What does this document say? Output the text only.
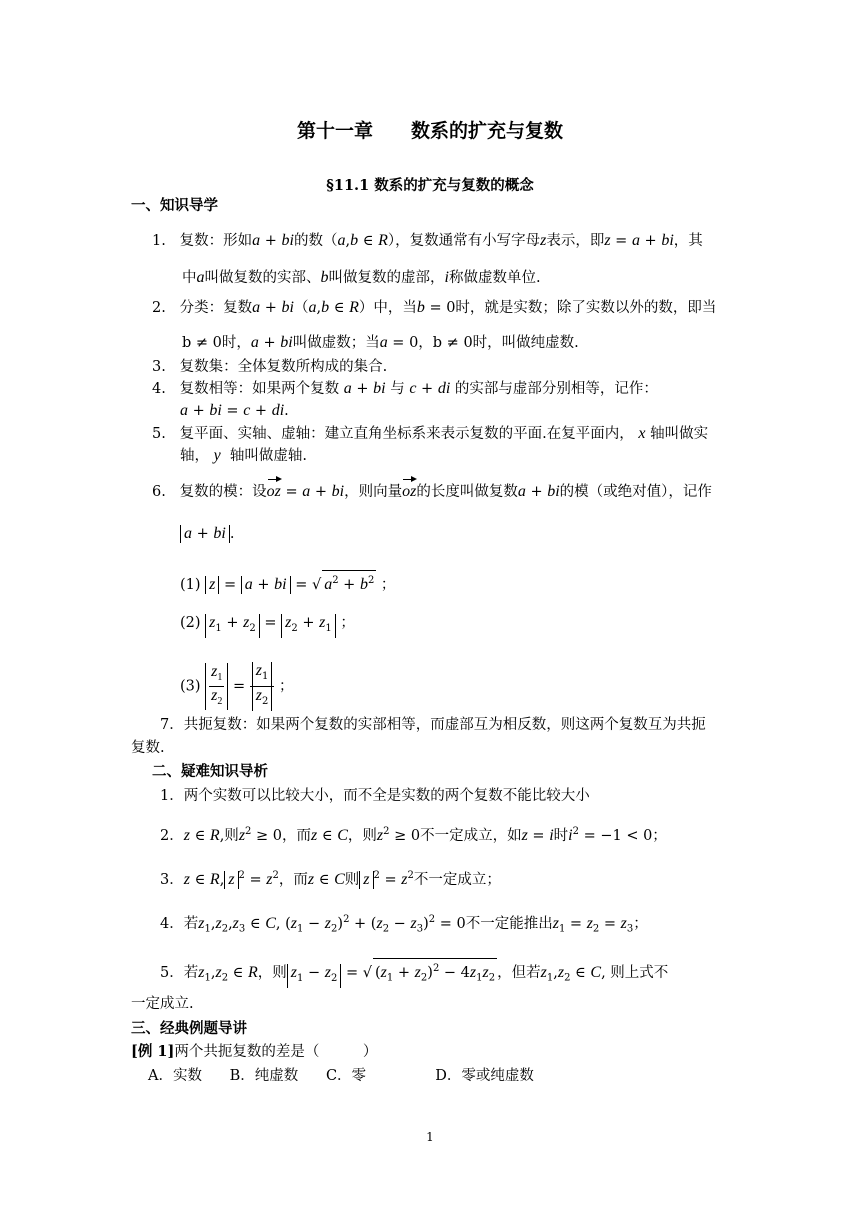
第十一章　　数系的扩充与复数
§11.1 数系的扩充与复数的概念
一、知识导学
1.   复数：形如a + bi的数（a,b ∈ R），复数通常有小写字母z表示，即z = a + bi，其
中a叫做复数的实部、b叫做复数的虚部，i称做虚数单位.
2.   分类：复数a + bi（a,b ∈ R）中，当b = 0时，就是实数；除了实数以外的数，即当
b ≠ 0时，a + bi叫做虚数；当a = 0，b ≠ 0时，叫做纯虚数.
3. 复数集：全体复数所构成的集合.
4.   复数相等：如果两个复数 a + bi 与 c + di 的实部与虚部分别相等，记作：
a + bi = c + di.
5.   复平面、实轴、虚轴：建立直角坐标系来表示复数的平面.在复平面内， x 轴叫做实
轴， y  轴叫做虚轴.
6.   复数的模：设oz = a + bi，则向量oz的长度叫做复数a + bi的模（或绝对值），记作
a + bi .
(1) z = a + bi = √ $a^2 + b^2$ ；
(2) $z_1 + z_2 = z_2 + z_1$ ；
$(3) \frac{z_1}{z_2} = \frac{z_1}{z_2}$ ；
7．共扼复数：如果两个复数的实部相等，而虚部互为相反数，则这两个复数互为共扼
复数.
二、疑难知识导析
1．两个实数可以比较大小，而不全是实数的两个复数不能比较大小
2．z ∈ R,则$z^2 \ge 0$，而z ∈ C，则$z^2 \ge 0$不一定成立，如z = i时$i^2 = -1 < 0$；
3．z ∈ R, z $^2 = z^2$，而z ∈ C则 z $^2 = z^2$不一定成立；
4．若$z_1,z_2,z_3$ ∈ C, $(z_1 - z_2)^2 + (z_2 - z_3)^2 = 0$不一定能推出$z_1 = z_2 = z_3$；
5．若$z_1,z_2$ ∈ R，则 $z_1 - z_2$ = √ $(z_1 + z_2)^2 - 4z_1z_2$ ，但若$z_1,z_2$ ∈ C, 则上式不
一定成立.
三、经典例题导讲
[例 1]两个共扼复数的差是（　　　）
A．实数 B．纯虚数 C．零	D．零或纯虚数
1
